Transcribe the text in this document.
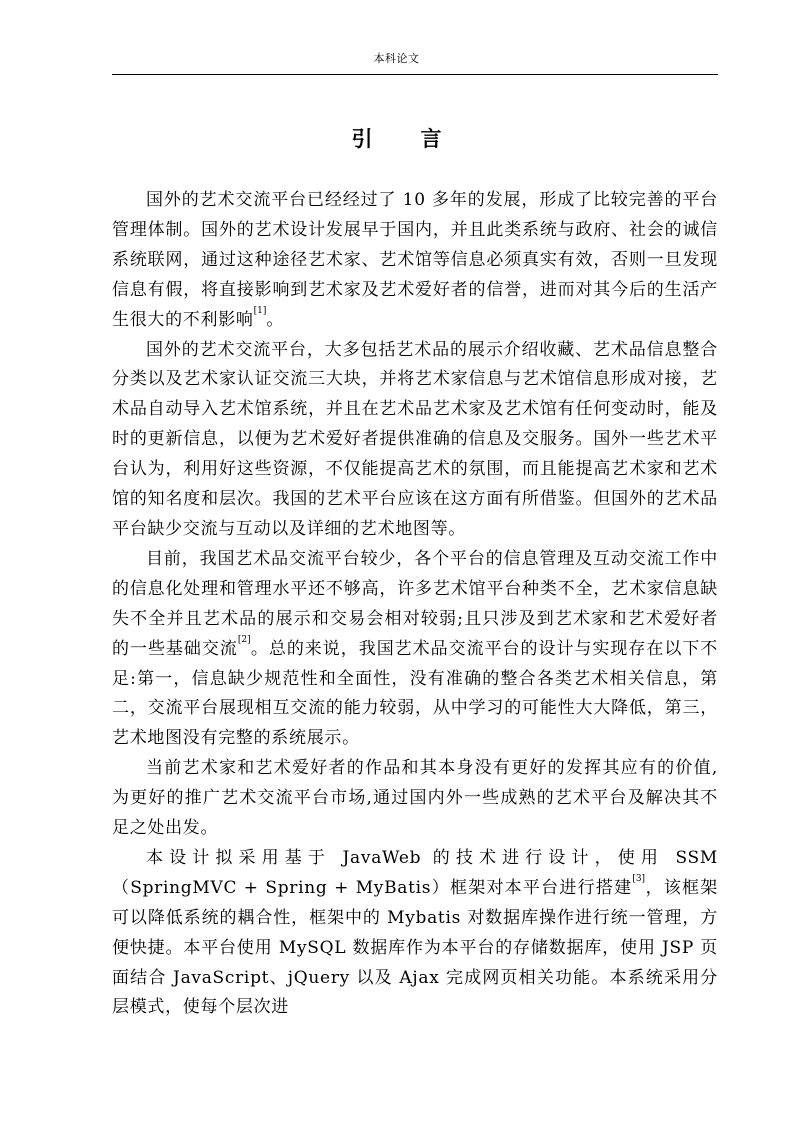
本科论文
引 言

国外的艺术交流平台已经经过了 10 多年的发展，形成了比较完善的平台管理体制。国外的艺术设计发展早于国内，并且此类系统与政府、社会的诚信系统联网，通过这种途径艺术家、艺术馆等信息必须真实有效，否则一旦发现信息有假，将直接影响到艺术家及艺术爱好者的信誉，进而对其今后的生活产生很大的不利影响[1]。

国外的艺术交流平台，大多包括艺术品的展示介绍收藏、艺术品信息整合分类以及艺术家认证交流三大块，并将艺术家信息与艺术馆信息形成对接，艺术品自动导入艺术馆系统，并且在艺术品艺术家及艺术馆有任何变动时，能及时的更新信息，以便为艺术爱好者提供准确的信息及交服务。国外一些艺术平台认为，利用好这些资源，不仅能提高艺术的氛围，而且能提高艺术家和艺术馆的知名度和层次。我国的艺术平台应该在这方面有所借鉴。但国外的艺术品平台缺少交流与互动以及详细的艺术地图等。

目前，我国艺术品交流平台较少，各个平台的信息管理及互动交流工作中的信息化处理和管理水平还不够高，许多艺术馆平台种类不全，艺术家信息缺失不全并且艺术品的展示和交易会相对较弱;且只涉及到艺术家和艺术爱好者的一些基础交流[2]。总的来说，我国艺术品交流平台的设计与实现存在以下不足:第一，信息缺少规范性和全面性，没有准确的整合各类艺术相关信息，第二，交流平台展现相互交流的能力较弱，从中学习的可能性大大降低，第三，艺术地图没有完整的系统展示。

当前艺术家和艺术爱好者的作品和其本身没有更好的发挥其应有的价值,为更好的推广艺术交流平台市场,通过国内外一些成熟的艺术平台及解决其不足之处出发。

本设计拟采用基于 JavaWeb 的技术进行设计，使用 SSM（SpringMVC + Spring + MyBatis）框架对本平台进行搭建[3]，该框架可以降低系统的耦合性，框架中的 Mybatis 对数据库操作进行统一管理，方便快捷。本平台使用 MySQL 数据库作为本平台的存储数据库，使用 JSP 页面结合 JavaScript、jQuery 以及 Ajax 完成网页相关功能。本系统采用分层模式，使每个层次进
